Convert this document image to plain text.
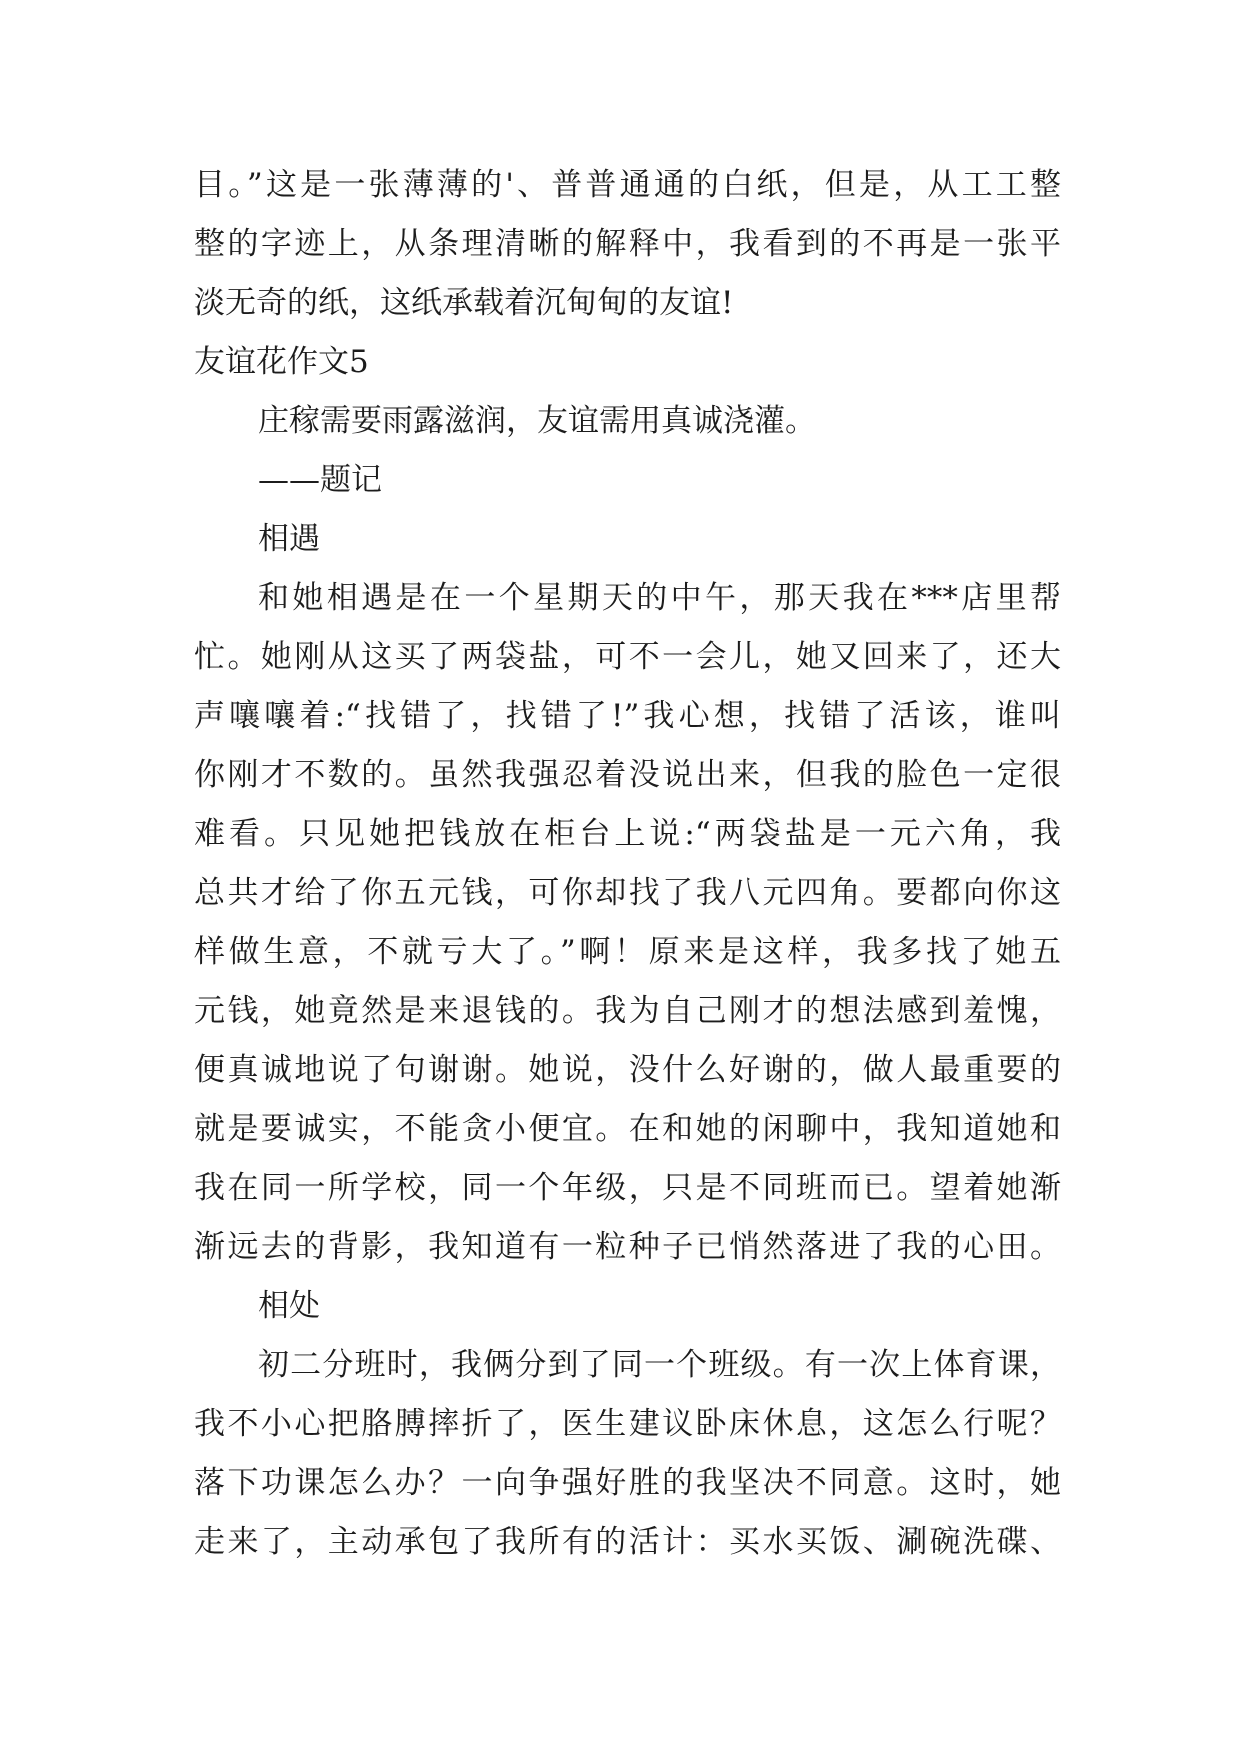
目。”这是一张薄薄的'、普普通通的白纸，但是，从工工整
整的字迹上，从条理清晰的解释中，我看到的不再是一张平
淡无奇的纸，这纸承载着沉甸甸的友谊!
友谊花作文5
庄稼需要雨露滋润，友谊需用真诚浇灌。
——题记
相遇
和她相遇是在一个星期天的中午，那天我在***店里帮
忙。她刚从这买了两袋盐，可不一会儿，她又回来了，还大
声嚷嚷着:“找错了，找错了!”我心想，找错了活该，谁叫
你刚才不数的。虽然我强忍着没说出来，但我的脸色一定很
难看。只见她把钱放在柜台上说:“两袋盐是一元六角，我
总共才给了你五元钱，可你却找了我八元四角。要都向你这
样做生意，不就亏大了。”啊！原来是这样，我多找了她五
元钱，她竟然是来退钱的。我为自己刚才的想法感到羞愧，
便真诚地说了句谢谢。她说，没什么好谢的，做人最重要的
就是要诚实，不能贪小便宜。在和她的闲聊中，我知道她和
我在同一所学校，同一个年级，只是不同班而已。望着她渐
渐远去的背影，我知道有一粒种子已悄然落进了我的心田。
相处
初二分班时，我俩分到了同一个班级。有一次上体育课，
我不小心把胳膊摔折了，医生建议卧床休息，这怎么行呢？
落下功课怎么办？一向争强好胜的我坚决不同意。这时，她
走来了，主动承包了我所有的活计：买水买饭、涮碗洗碟、
